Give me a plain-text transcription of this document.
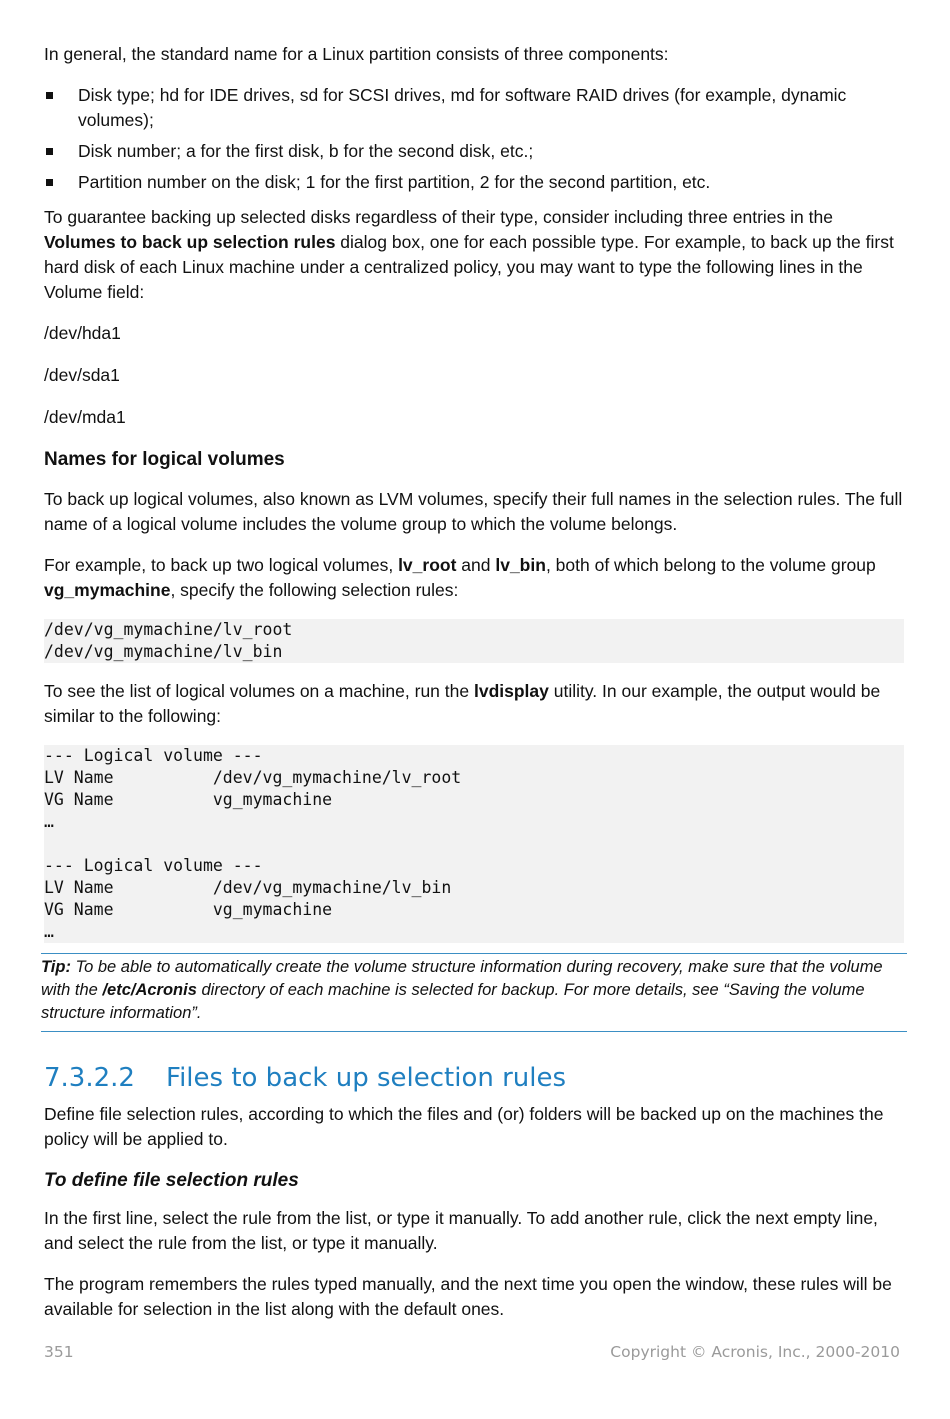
In general, the standard name for a Linux partition consists of three components:

Disk type; hd for IDE drives, sd for SCSI drives, md for software RAID drives (for example, dynamic volumes);
Disk number; a for the first disk, b for the second disk, etc.;
Partition number on the disk; 1 for the first partition, 2 for the second partition, etc.

To guarantee backing up selected disks regardless of their type, consider including three entries in the Volumes to back up selection rules dialog box, one for each possible type. For example, to back up the first hard disk of each Linux machine under a centralized policy, you may want to type the following lines in the Volume field:

/dev/hda1
/dev/sda1
/dev/mda1
Names for logical volumes

To back up logical volumes, also known as LVM volumes, specify their full names in the selection rules. The full name of a logical volume includes the volume group to which the volume belongs.

For example, to back up two logical volumes, lv_root and lv_bin, both of which belong to the volume group vg_mymachine, specify the following selection rules:

/dev/vg_mymachine/lv_root
/dev/vg_mymachine/lv_bin

To see the list of logical volumes on a machine, run the lvdisplay utility. In our example, the output would be similar to the following:

--- Logical volume ---
LV Name          /dev/vg_mymachine/lv_root
VG Name          vg_mymachine
…

--- Logical volume ---
LV Name          /dev/vg_mymachine/lv_bin
VG Name          vg_mymachine
…
Tip: To be able to automatically create the volume structure information during recovery, make sure that the volume with the /etc/Acronis directory of each machine is selected for backup. For more details, see “Saving the volume structure information”.
7.3.2.2 Files to back up selection rules

Define file selection rules, according to which the files and (or) folders will be backed up on the machines the policy will be applied to.

To define file selection rules

In the first line, select the rule from the list, or type it manually. To add another rule, click the next empty line, and select the rule from the list, or type it manually.

The program remembers the rules typed manually, and the next time you open the window, these rules will be available for selection in the list along with the default ones.

351	Copyright © Acronis, Inc., 2000-2010
